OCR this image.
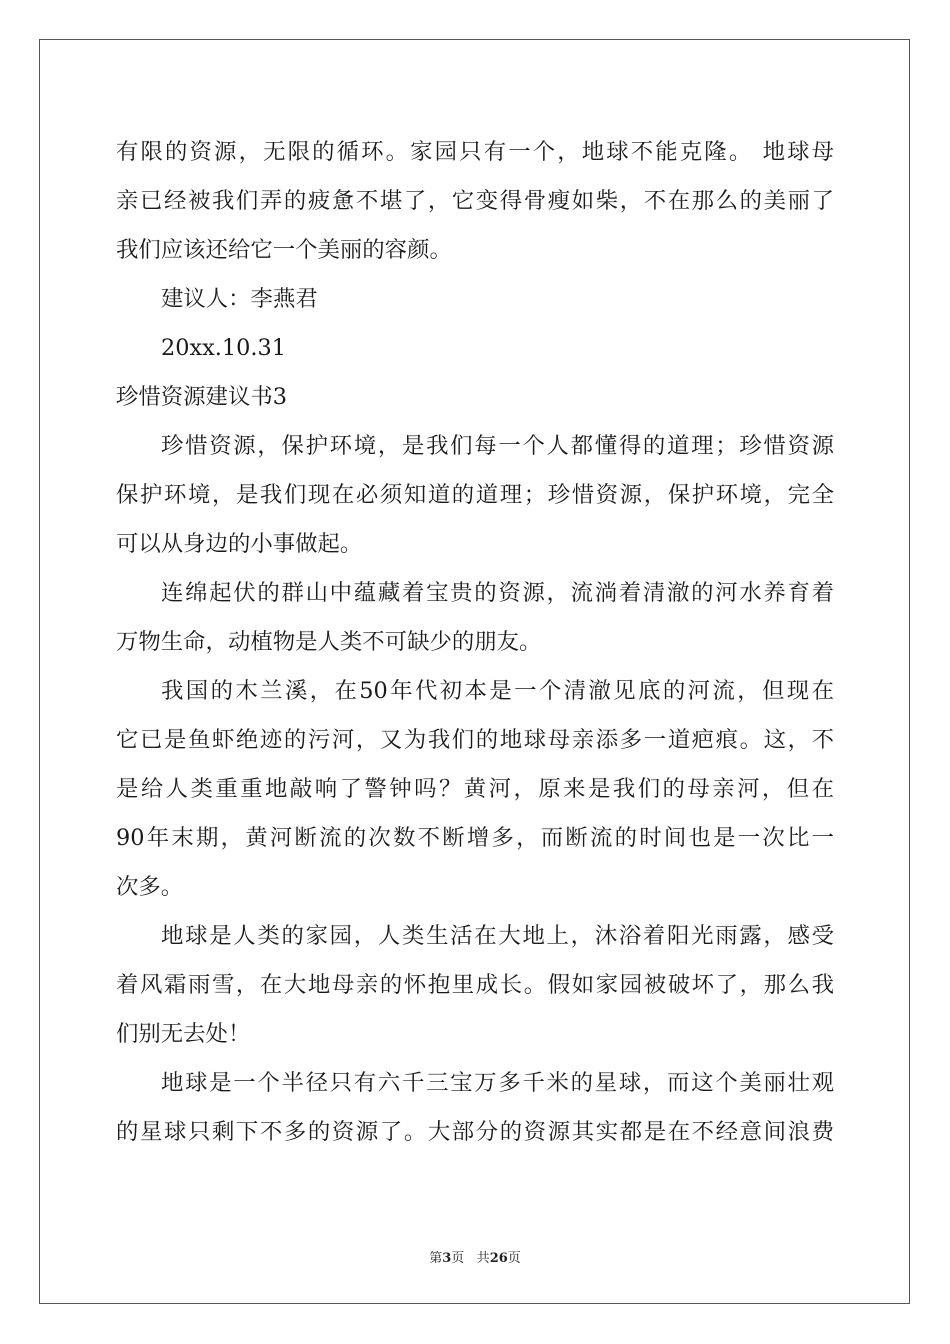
有限的资源，无限的循环。家园只有一个，地球不能克隆。 地球母
亲已经被我们弄的疲惫不堪了，它变得骨瘦如柴，不在那么的美丽了
我们应该还给它一个美丽的容颜。
建议人：李燕君
20xx.10.31
珍惜资源建议书3
珍惜资源，保护环境，是我们每一个人都懂得的道理；珍惜资源
保护环境，是我们现在必须知道的道理；珍惜资源，保护环境，完全
可以从身边的小事做起。
连绵起伏的群山中蕴藏着宝贵的资源，流淌着清澈的河水养育着
万物生命，动植物是人类不可缺少的朋友。
我国的木兰溪，在50年代初本是一个清澈见底的河流，但现在
它已是鱼虾绝迹的污河，又为我们的地球母亲添多一道疤痕。这，不
是给人类重重地敲响了警钟吗？黄河，原来是我们的母亲河，但在
90年末期，黄河断流的次数不断增多，而断流的时间也是一次比一
次多。
地球是人类的家园，人类生活在大地上，沐浴着阳光雨露，感受
着风霜雨雪，在大地母亲的怀抱里成长。假如家园被破坏了，那么我
们别无去处！
地球是一个半径只有六千三宝万多千米的星球，而这个美丽壮观
的星球只剩下不多的资源了。大部分的资源其实都是在不经意间浪费
第3页 共26页
